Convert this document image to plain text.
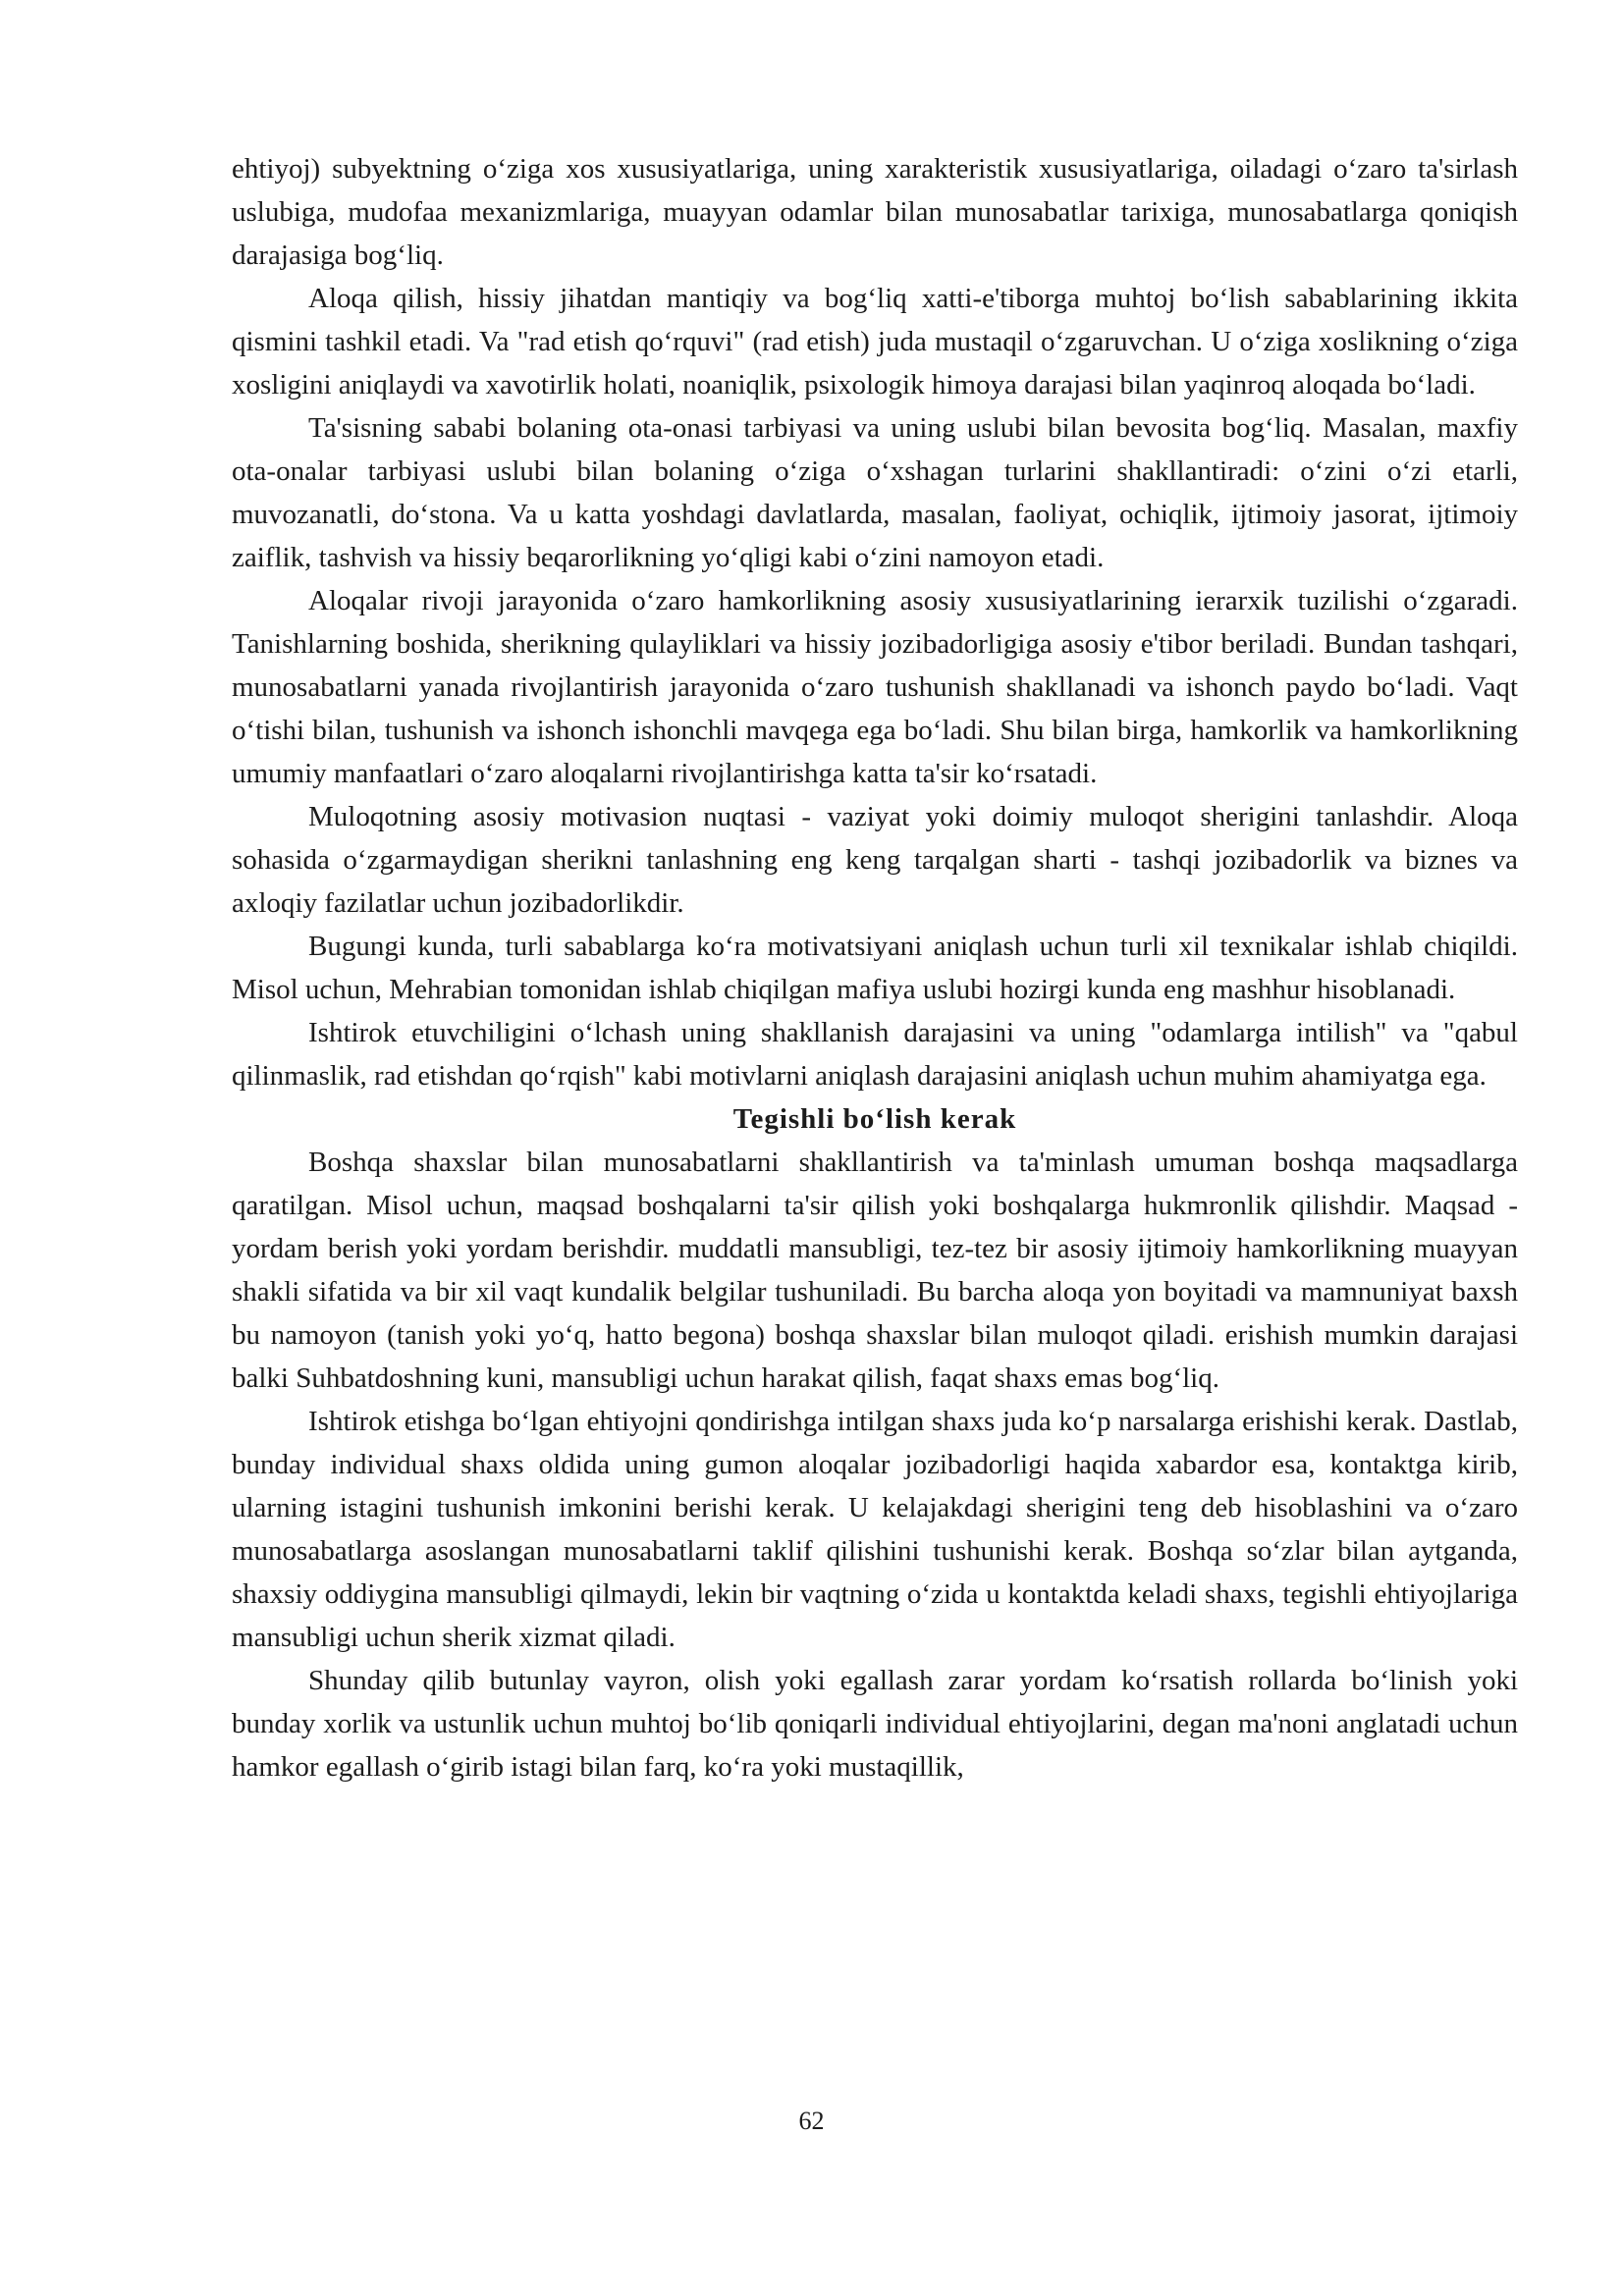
ehtiyoj) subyektning o‘ziga xos xususiyatlariga, uning xarakteristik xususiyatlariga, oiladagi o‘zaro ta'sirlash uslubiga, mudofaa mexanizmlariga, muayyan odamlar bilan munosabatlar tarixiga, munosabatlarga qoniqish darajasiga bog‘liq.

Aloqa qilish, hissiy jihatdan mantiqiy va bog‘liq xatti-e'tiborga muhtoj bo‘lish sabablarining ikkita qismini tashkil etadi. Va "rad etish qo‘rquvi" (rad etish) juda mustaqil o‘zgaruvchan. U o‘ziga xoslikning o‘ziga xosligini aniqlaydi va xavotirlik holati, noaniqlik, psixologik himoya darajasi bilan yaqinroq aloqada bo‘ladi.

Ta'sisning sababi bolaning ota-onasi tarbiyasi va uning uslubi bilan bevosita bog‘liq. Masalan, maxfiy ota-onalar tarbiyasi uslubi bilan bolaning o‘ziga o‘xshagan turlarini shakllantiradi: o‘zini o‘zi etarli, muvozanatli, do‘stona. Va u katta yoshdagi davlatlarda, masalan, faoliyat, ochiqlik, ijtimoiy jasorat, ijtimoiy zaiflik, tashvish va hissiy beqarorlikning yo‘qligi kabi o‘zini namoyon etadi.

Aloqalar rivoji jarayonida o‘zaro hamkorlikning asosiy xususiyatlarining ierarxik tuzilishi o‘zgaradi. Tanishlarning boshida, sherikning qulayliklari va hissiy jozibadorligiga asosiy e'tibor beriladi. Bundan tashqari, munosabatlarni yanada rivojlantirish jarayonida o‘zaro tushunish shakllanadi va ishonch paydo bo‘ladi. Vaqt o‘tishi bilan, tushunish va ishonch ishonchli mavqega ega bo‘ladi. Shu bilan birga, hamkorlik va hamkorlikning umumiy manfaatlari o‘zaro aloqalarni rivojlantirishga katta ta'sir ko‘rsatadi.

Muloqotning asosiy motivasion nuqtasi - vaziyat yoki doimiy muloqot sherigini tanlashdir. Aloqa sohasida o‘zgarmaydigan sherikni tanlashning eng keng tarqalgan sharti - tashqi jozibadorlik va biznes va axloqiy fazilatlar uchun jozibadorlikdir.

Bugungi kunda, turli sabablarga ko‘ra motivatsiyani aniqlash uchun turli xil texnikalar ishlab chiqildi. Misol uchun, Mehrabian tomonidan ishlab chiqilgan mafiya uslubi hozirgi kunda eng mashhur hisoblanadi.

Ishtirok etuvchiligini o‘lchash uning shakllanish darajasini va uning "odamlarga intilish" va "qabul qilinmaslik, rad etishdan qo‘rqish" kabi motivlarni aniqlash darajasini aniqlash uchun muhim ahamiyatga ega.

Tegishli bo‘lish kerak

Boshqa shaxslar bilan munosabatlarni shakllantirish va ta'minlash umuman boshqa maqsadlarga qaratilgan. Misol uchun, maqsad boshqalarni ta'sir qilish yoki boshqalarga hukmronlik qilishdir. Maqsad - yordam berish yoki yordam berishdir. muddatli mansubligi, tez-tez bir asosiy ijtimoiy hamkorlikning muayyan shakli sifatida va bir xil vaqt kundalik belgilar tushuniladi. Bu barcha aloqa yon boyitadi va mamnuniyat baxsh bu namoyon (tanish yoki yo‘q, hatto begona) boshqa shaxslar bilan muloqot qiladi. erishish mumkin darajasi balki Suhbatdoshning kuni, mansubligi uchun harakat qilish, faqat shaxs emas bog‘liq.

Ishtirok etishga bo‘lgan ehtiyojni qondirishga intilgan shaxs juda ko‘p narsalarga erishishi kerak. Dastlab, bunday individual shaxs oldida uning gumon aloqalar jozibadorligi haqida xabardor esa, kontaktga kirib, ularning istagini tushunish imkonini berishi kerak. U kelajakdagi sherigini teng deb hisoblashini va o‘zaro munosabatlarga asoslangan munosabatlarni taklif qilishini tushunishi kerak. Boshqa so‘zlar bilan aytganda, shaxsiy oddiygina mansubligi qilmaydi, lekin bir vaqtning o‘zida u kontaktda keladi shaxs, tegishli ehtiyojlariga mansubligi uchun sherik xizmat qiladi.

Shunday qilib butunlay vayron, olish yoki egallash zarar yordam ko‘rsatish rollarda bo‘linish yoki bunday xorlik va ustunlik uchun muhtoj bo‘lib qoniqarli individual ehtiyojlarini, degan ma'noni anglatadi uchun hamkor egallash o‘girib istagi bilan farq, ko‘ra yoki mustaqillik,

62
